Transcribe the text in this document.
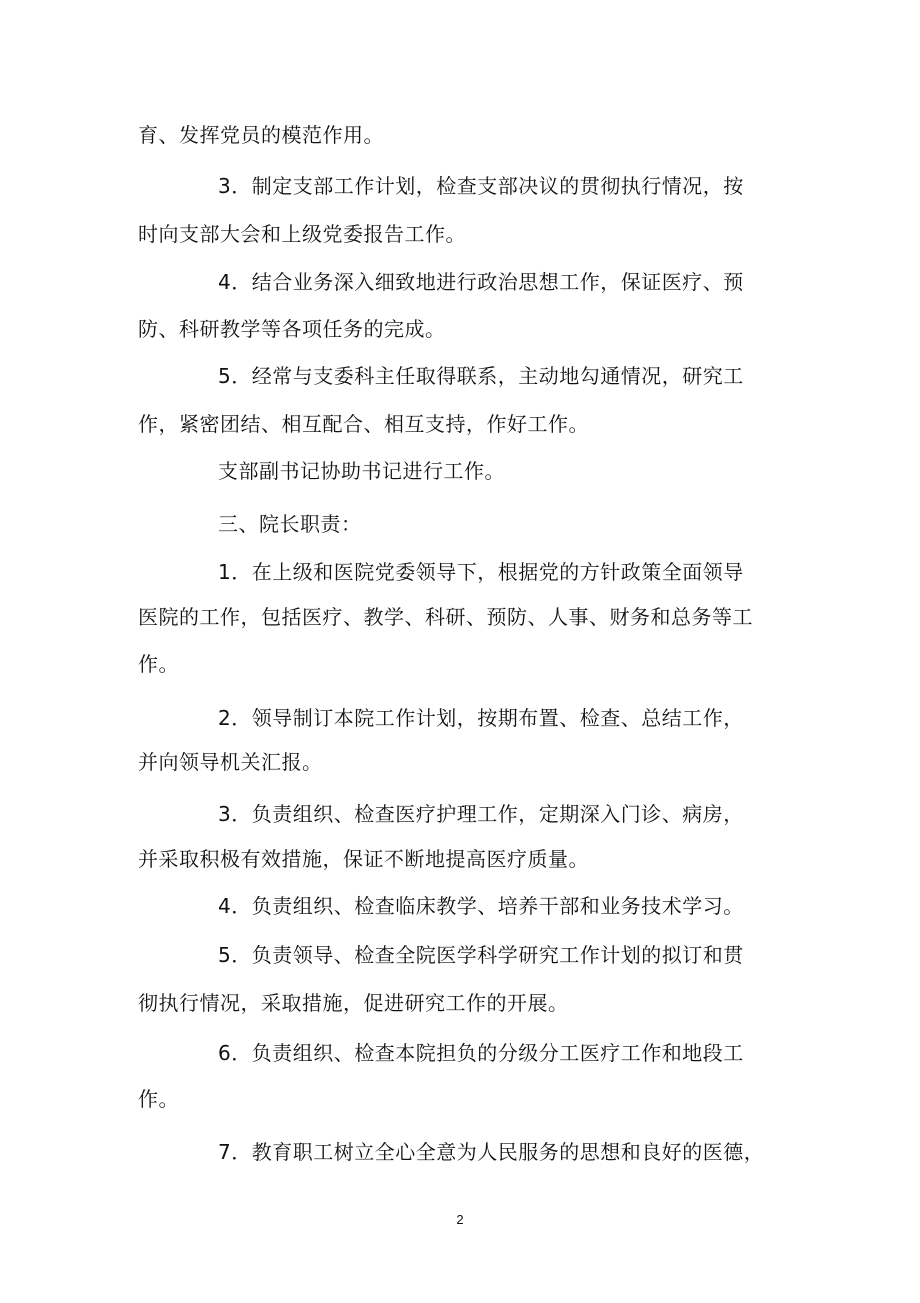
育、发挥党员的模范作用。

3．制定支部工作计划，检查支部决议的贯彻执行情况，按

时向支部大会和上级党委报告工作。

4．结合业务深入细致地进行政治思想工作，保证医疗、预

防、科研教学等各项任务的完成。

5．经常与支委科主任取得联系，主动地勾通情况，研究工

作，紧密团结、相互配合、相互支持，作好工作。

支部副书记协助书记进行工作。

三、院长职责：

1．在上级和医院党委领导下，根据党的方针政策全面领导

医院的工作，包括医疗、教学、科研、预防、人事、财务和总务等工

作。

2．领导制订本院工作计划，按期布置、检查、总结工作，

并向领导机关汇报。

3．负责组织、检查医疗护理工作，定期深入门诊、病房，

并采取积极有效措施，保证不断地提高医疗质量。

4．负责组织、检查临床教学、培养干部和业务技术学习。

5．负责领导、检查全院医学科学研究工作计划的拟订和贯

彻执行情况，采取措施，促进研究工作的开展。

6．负责组织、检查本院担负的分级分工医疗工作和地段工

作。

7．教育职工树立全心全意为人民服务的思想和良好的医德，

2
